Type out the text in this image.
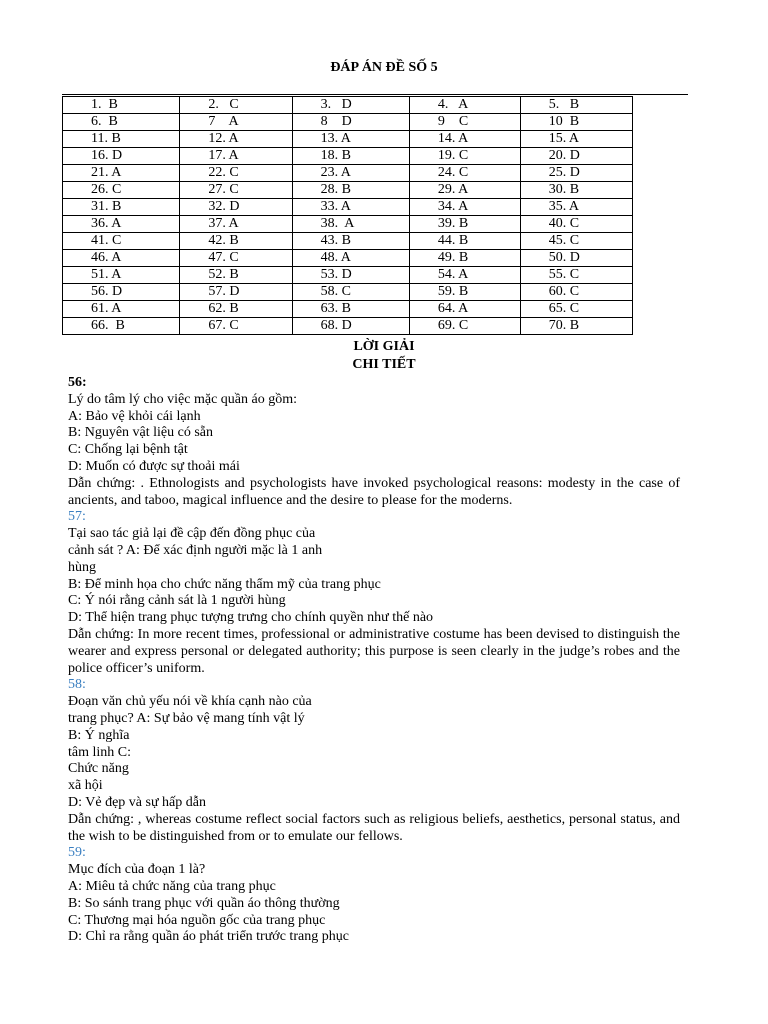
ĐÁP ÁN ĐỀ SỐ 5
1.  B	2.   C	3.   D	4.   A	5.   B
6.  B	7    A	8    D	9    C	10  B
11. B	12. A	13. A	14. A	15. A
16. D	17. A	18. B	19. C	20. D
21. A	22. C	23. A	24. C	25. D
26. C	27. C	28. B	29. A	30. B
31. B	32. D	33. A	34. A	35. A
36. A	37. A	38.  A	39. B	40. C
41. C	42. B	43. B	44. B	45. C
46. A	47. C	48. A	49. B	50. D
51. A	52. B	53. D	54. A	55. C
56. D	57. D	58. C	59. B	60. C
61. A	62. B	63. B	64. A	65. C
66.  B	67. C	68. D	69. C	70. B
LỜI GIẢI
CHI TIẾT

56:

Lý do tâm lý cho việc mặc quần áo gồm:

A: Bảo vệ khỏi cái lạnh

B: Nguyên vật liệu có sẵn

C: Chống lại bệnh tật

D: Muốn có được sự thoải mái

Dẫn chứng: . Ethnologists and psychologists have invoked psychological reasons: modesty in the case of ancients, and taboo, magical influence and the desire to please for the moderns.

57:

Tại sao tác giả lại đề cập đến đồng phục của

cảnh sát ? A: Để xác định người mặc là 1 anh

hùng

B: Để minh họa cho chức năng thẩm mỹ của trang phục

C: Ý nói rằng cảnh sát là 1 người hùng

D: Thể hiện trang phục tượng trưng cho chính quyền như thế nào

Dẫn chứng: In more recent times, professional or administrative costume has been devised to distinguish the wearer and express personal or delegated authority; this purpose is seen clearly in the judge’s robes and the police officer’s uniform.

58:

Đoạn văn chủ yếu nói về khía cạnh nào của

trang phục? A: Sự bảo vệ mang tính vật lý

B: Ý nghĩa

tâm linh C:

Chức năng

xã hội

D: Vẻ đẹp và sự hấp dẫn

Dẫn chứng: , whereas costume reflect social factors such as religious beliefs, aesthetics, personal status, and the wish to be distinguished from or to emulate our fellows.

59:

Mục đích của đoạn 1 là?

A: Miêu tả chức năng của trang phục

B: So sánh trang phục với quần áo thông thường

C: Thương mại hóa nguồn gốc của trang phục

D: Chỉ ra rằng quần áo phát triển trước trang phục
